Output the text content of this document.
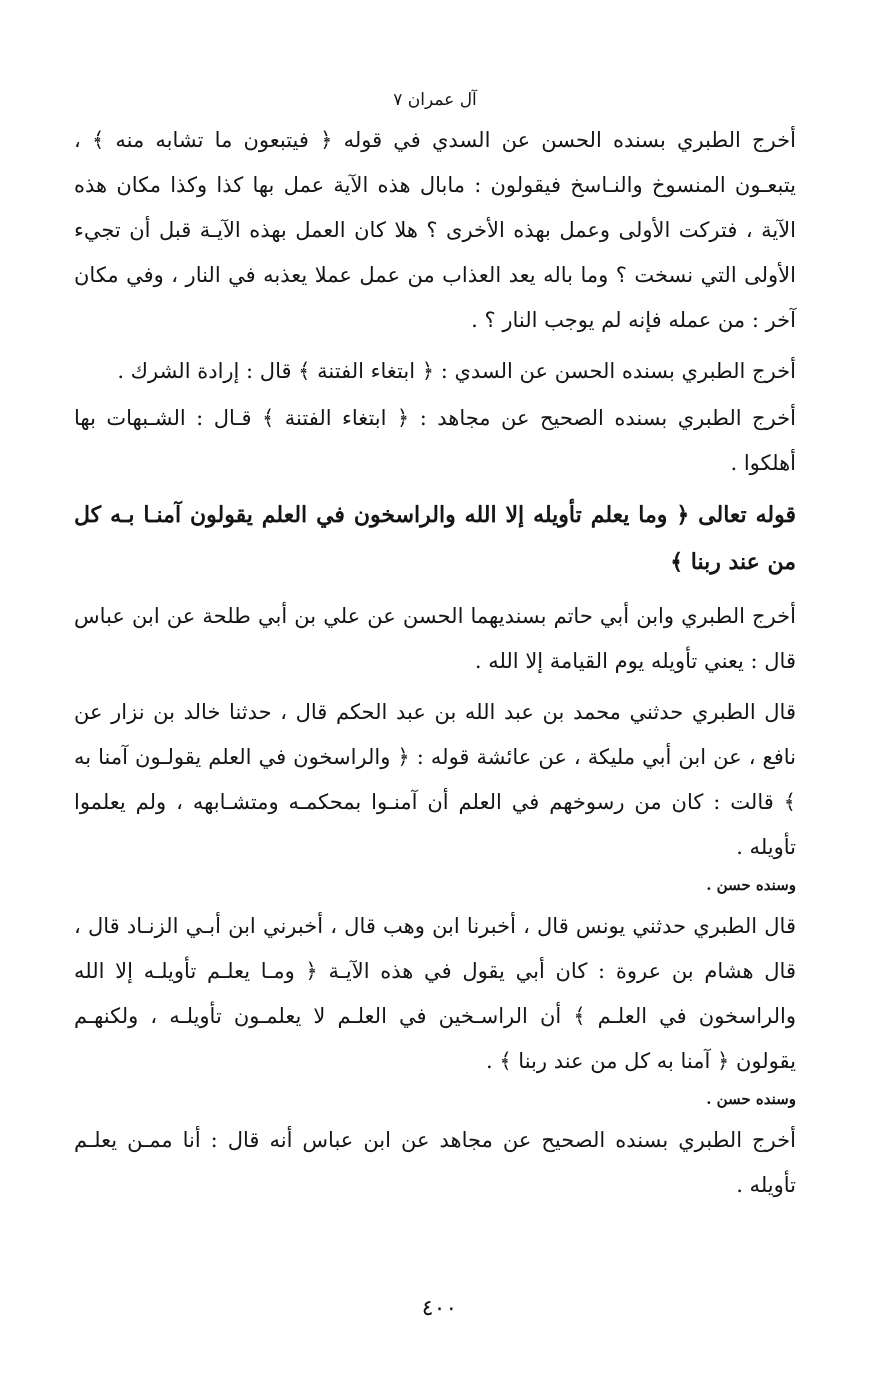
آل عمران ٧

أخرج الطبري بسنده الحسن عن السدي في قوله ﴿ فيتبعون ما تشابه منه ﴾ ، يتبعـون المنسوخ والنـاسخ فيقولون : مابال هذه الآية عمل بها كذا وكذا مكان هذه الآية ، فتركت الأولى وعمل بهذه الأخرى ؟ هلا كان العمل بهذه الآيـة قبل أن تجيء الأولى التي نسخت ؟ وما باله يعد العذاب من عمل عملا يعذبه في النار ، وفي مكان آخر : من عمله فإنه لم يوجب النار ؟ .

أخرج الطبري بسنده الحسن عن السدي : ﴿ ابتغاء الفتنة ﴾ قال : إرادة الشرك .

أخرج الطبري بسنده الصحيح عن مجاهد : ﴿ ابتغاء الفتنة ﴾ قـال : الشـبهات بها أهلكوا .

قوله تعالى ﴿ وما يعلم تأويله إلا الله والراسخون في العلم يقولون آمنـا بـه كل من عند ربنا ﴾

أخرج الطبري وابن أبي حاتم بسنديهما الحسن عن علي بن أبي طلحة عن ابن عباس قال : يعني تأويله يوم القيامة إلا الله .

قال الطبري حدثني محمد بن عبد الله بن عبد الحكم قال ، حدثنا خالد بن نزار عن نافع ، عن ابن أبي مليكة ، عن عائشة قوله : ﴿ والراسخون في العلم يقولـون آمنا به ﴾ قالت : كان من رسوخهم في العلم أن آمنـوا بمحكمـه ومتشـابهه ، ولم يعلموا تأويله .

وسنده حسن .

قال الطبري حدثني يونس قال ، أخبرنا ابن وهب قال ، أخبرني ابن أبـي الزنـاد قال ، قال هشام بن عروة : كان أبي يقول في هذه الآيـة ﴿ ومـا يعلـم تأويلـه إلا الله والراسخون في العلـم ﴾ أن الراسـخين في العلـم لا يعلمـون تأويلـه ، ولكنهـم يقولون ﴿ آمنا به كل من عند ربنا ﴾ .

وسنده حسن .

أخرج الطبري بسنده الصحيح عن مجاهد عن ابن عباس أنه قال : أنا ممـن يعلـم تأويله .

٤٠٠
